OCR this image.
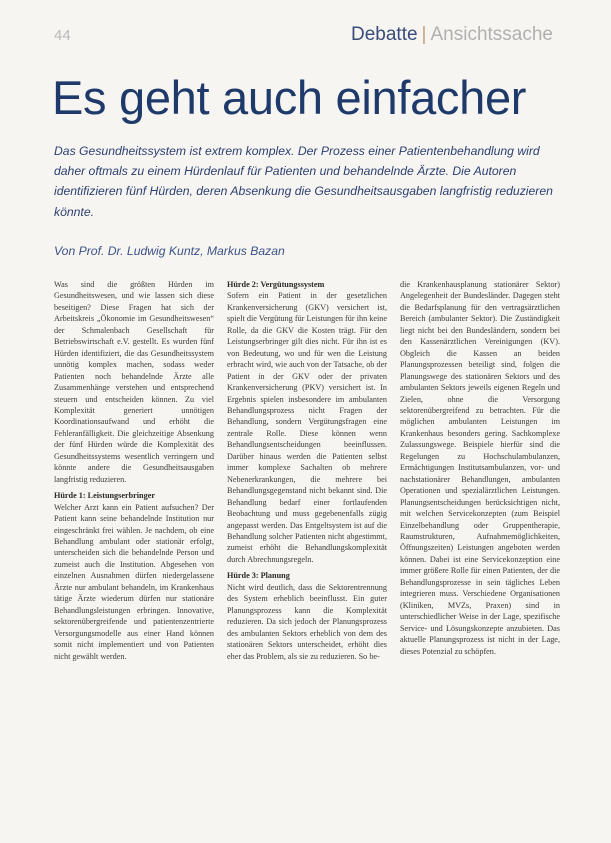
44	Debatte | Ansichtssache
Es geht auch einfacher

Das Gesundheitssystem ist extrem komplex. Der Prozess einer Patientenbehandlung wird daher oftmals zu einem Hürdenlauf für Patienten und behandelnde Ärzte. Die Autoren identifizieren fünf Hürden, deren Absenkung die Gesundheitsausgaben langfristig reduzieren könnte.

Von Prof. Dr. Ludwig Kuntz, Markus Bazan

Was sind die größten Hürden im Gesundheitswesen, und wie lassen sich diese beseitigen? Diese Fragen hat sich der Arbeitskreis „Ökonomie im Gesundheitswesen“ der Schmalenbach Gesellschaft für Betriebswirtschaft e.V. gestellt. Es wurden fünf Hürden identifiziert, die das Gesundheitssystem unnötig komplex machen, sodass weder Patienten noch behandelnde Ärzte alle Zusammenhänge verstehen und entsprechend steuern und entscheiden können. Zu viel Komplexität generiert unnötigen Koordinationsaufwand und erhöht die Fehleranfälligkeit. Die gleichzeitige Absenkung der fünf Hürden würde die Komplexität des Gesundheitssystems wesentlich verringern und könnte andere die Gesundheitsausgaben langfristig reduzieren.

Hürde 1: Leistungserbringer

Welcher Arzt kann ein Patient aufsuchen? Der Patient kann seine behandelnde Institution nur eingeschränkt frei wählen. Je nachdem, ob eine Behandlung ambulant oder stationär erfolgt, unterscheiden sich die behandelnde Person und zumeist auch die Institution. Abgesehen von einzelnen Ausnahmen dürfen niedergelassene Ärzte nur ambulant behandeln, im Krankenhaus tätige Ärzte wiederum dürfen nur stationäre Behandlungsleistungen erbringen. Innovative, sektorenübergreifende und patientenzentrierte Versorgungsmodelle aus einer Hand können somit nicht implementiert und von Patienten nicht gewählt werden.

Hürde 2: Vergütungssystem

Sofern ein Patient in der gesetzlichen Krankenversicherung (GKV) versichert ist, spielt die Vergütung für Leistungen für ihn keine Rolle, da die GKV die Kosten trägt. Für den Leistungserbringer gilt dies nicht. Für ihn ist es von Bedeutung, wo und für wen die Leistung erbracht wird, wie auch von der Tatsache, ob der Patient in der GKV oder der privaten Krankenversicherung (PKV) versichert ist. In Ergebnis spielen insbesondere im ambulanten Behandlungsprozess nicht Fragen der Behandlung, sondern Vergütungsfragen eine zentrale Rolle. Diese können wenn Behandlungsentscheidungen beeinflussen. Darüber hinaus werden die Patienten selbst immer komplexe Sachalten ob mehrere Nebenerkrankungen, die mehrere bei Behandlungsgegenstand nicht bekannt sind. Die Behandlung bedarf einer fortlaufenden Beobachtung und muss gegebenenfalls zügig angepasst werden. Das Entgeltsystem ist auf die Behandlung solcher Patienten nicht abgestimmt, zumeist erhöht die Behandlungskomplexität durch Abrechnungsregeln.

Hürde 3: Planung

Nicht wird deutlich, dass die Sektorentrennung des System erheblich beeinflusst. Ein guter Planungsprozess kann die Komplexität reduzieren. Da sich jedoch der Planungsprozess des ambulanten Sektors erheblich von dem des stationären Sektors unterscheidet, erhöht dies eher das Problem, als sie zu reduzieren. So be-

die Krankenhausplanung stationärer Sektor) Angelegenheit der Bundesländer. Dagegen steht die Bedarfsplanung für den vertragsärztlichen Bereich (ambulanter Sektor). Die Zuständigkeit liegt nicht bei den Bundesländern, sondern bei den Kassenärztlichen Vereinigungen (KV). Obgleich die Kassen an beiden Planungsprozessen beteiligt sind, folgen die Planungswege des stationären Sektors und des ambulanten Sektors jeweils eigenen Regeln und Zielen, ohne die Versorgung sektorenübergreifend zu betrachten. Für die möglichen ambulanten Leistungen im Krankenhaus besonders gering. Sachkomplexe Zulassungswege. Beispiele hierfür sind die Regelungen zu Hochschulambulanzen, Ermächtigungen Institutsambulanzen, vor- und nachstationärer Behandlungen, ambulanten Operationen und spezialärztlichen Leistungen. Planungsentscheidungen berücksichtigen nicht, mit welchen Servicekonzepten (zum Beispiel Einzelbehandlung oder Gruppentherapie, Raumstrukturen, Aufnahmemöglichkeiten, Öffnungszeiten) Leistungen angeboten werden können. Dabei ist eine Servicekonzeption eine immer größere Rolle für einen Patienten, der die Behandlungsprozesse in sein tägliches Leben integrieren muss. Verschiedene Organisationen (Kliniken, MVZs, Praxen) sind in unterschiedlicher Weise in der Lage, spezifische Service- und Lösungskonzepte anzubieten. Das aktuelle Planungsprozess ist nicht in der Lage, dieses Potenzial zu schöpfen.
